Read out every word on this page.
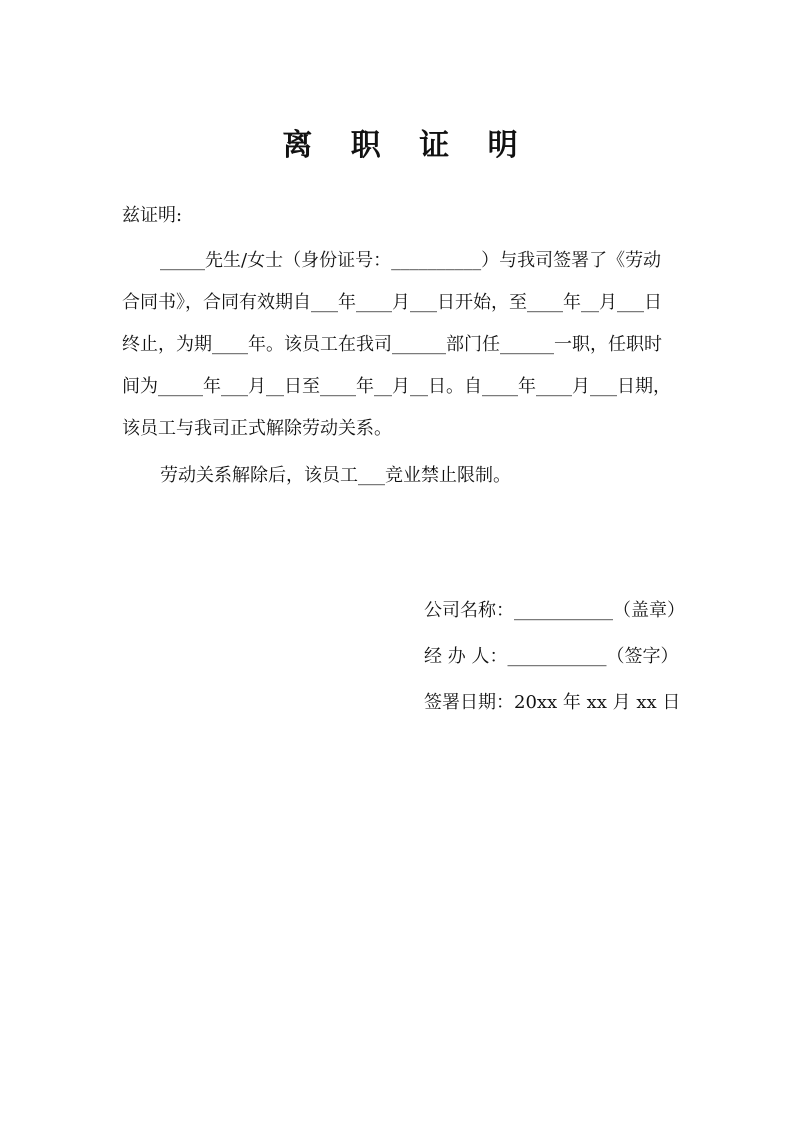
离 职 证 明
兹证明:
_____先生/女士（身份证号：__________）与我司签署了《劳动
合同书》，合同有效期自___年____月___日开始，至____年__月___日
终止，为期____年。该员工在我司______部门任______一职，任职时
间为_____年___月__日至____年__月__日。自____年____月___日期，
该员工与我司正式解除劳动关系。
劳动关系解除后，该员工___竞业禁止限制。
公司名称：___________（盖章）
经 办 人：___________（签字）
签署日期：20xx 年 xx 月 xx 日
